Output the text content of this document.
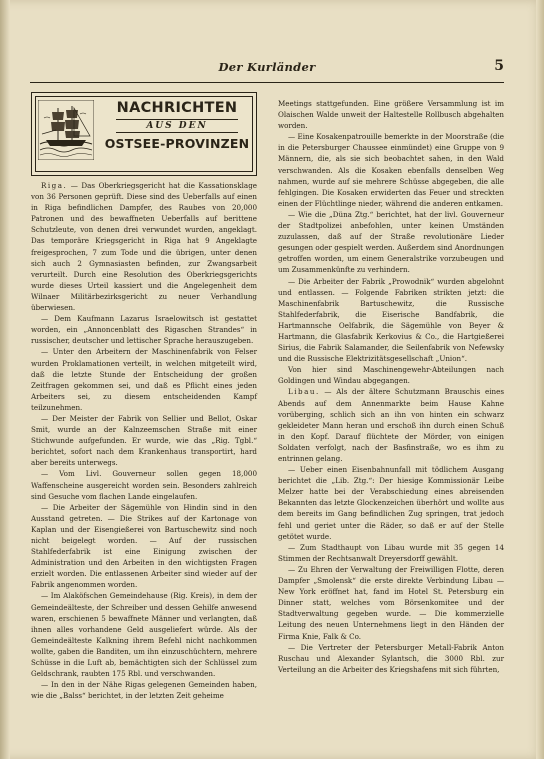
Der Kurländer	5
NACHRICHTEN
AUS DEN
OSTSEE-PROVINZEN

Riga. — Das Oberkriegsgericht hat die Kassationsklage von 36 Personen geprüft. Diese sind des Ueberfalls auf einen in Riga befindlichen Dampfer, des Raubes von 20,000 Patronen und des bewaffneten Ueberfalls auf berittene Schutzleute, von denen drei verwundet wurden, angeklagt. Das temporäre Kriegsgericht in Riga hat 9 Angeklagte freigesprochen, 7 zum Tode und die übrigen, unter denen sich auch 2 Gymnasiasten befinden, zur Zwangsarbeit verurteilt. Durch eine Resolution des Oberkriegsgerichts wurde dieses Urteil kassiert und die Angelegenheit dem Wilnaer Militärbezirksgericht zu neuer Verhandlung überwiesen.

— Dem Kaufmann Lazarus Israelowitsch ist gestattet worden, ein „Annoncenblatt des Rigaschen Strandes“ in russischer, deutscher und lettischer Sprache herauszugeben.

— Unter den Arbeitern der Maschinenfabrik von Felser wurden Proklamationen verteilt, in welchen mitgeteilt wird, daß die letzte Stunde der Entscheidung der großen Zeitfragen gekommen sei, und daß es Pflicht eines jeden Arbeiters sei, zu diesem entscheidenden Kampf teilzunehmen.

— Der Meister der Fabrik von Sellier und Bellot, Oskar Smit, wurde an der Kalnzeemschen Straße mit einer Stichwunde aufgefunden. Er wurde, wie das „Rig. Tgbl.“ berichtet, sofort nach dem Krankenhaus transportirt, hard aber bereits unterwegs.

— Vom Livl. Gouverneur sollen gegen 18,000 Waffenscheine ausgereicht worden sein. Besonders zahlreich sind Gesuche vom flachen Lande eingelaufen.

— Die Arbeiter der Sägemühle von Hindin sind in den Ausstand getreten. — Die Strikes auf der Kartonage von Kaplan und der Eisengießerei von Bartuschewitz sind noch nicht beigelegt worden. — Auf der russischen Stahlfederfabrik ist eine Einigung zwischen der Administration und den Arbeiten in den wichtigsten Fragen erzielt worden. Die entlassenen Arbeiter sind wieder auf der Fabrik angenommen worden.

— Im Alaköfschen Gemeindehause (Rig. Kreis), in dem der Gemeindeälteste, der Schreiber und dessen Gehilfe anwesend waren, erschienen 5 bewaffnete Männer und verlangten, daß ihnen alles vorhandene Geld ausgeliefert würde. Als der Gemeindeälteste Kalkning ihrem Befehl nicht nachkommen wollte, gaben die Banditen, um ihn einzuschüchtern, mehrere Schüsse in die Luft ab, bemächtigten sich der Schlüssel zum Geldschrank, raubten 175 Rbl. und verschwanden.

— In den in der Nähe Rigas gelegenen Gemeinden haben, wie die „Balss“ berichtet, in der letzten Zeit geheime

Meetings stattgefunden. Eine größere Versammlung ist im Olaischen Walde unweit der Haltestelle Rollbusch abgehalten worden.

— Eine Kosakenpatrouille bemerkte in der Moorstraße (die in die Petersburger Chaussee einmündet) eine Gruppe von 9 Männern, die, als sie sich beobachtet sahen, in den Wald verschwanden. Als die Kosaken ebenfalls denselben Weg nahmen, wurde auf sie mehrere Schüsse abgegeben, die alle fehlgingen. Die Kosaken erwiderten das Feuer und streckten einen der Flüchtlinge nieder, während die anderen entkamen.

— Wie die „Düna Ztg.“ berichtet, hat der livl. Gouverneur der Stadtpolizei anbefohlen, unter keinen Umständen zuzulassen, daß auf der Straße revolutionäre Lieder gesungen oder gespielt werden. Außerdem sind Anordnungen getroffen worden, um einem Generalstrike vorzubeugen und um Zusammenkünfte zu verhindern.

— Die Arbeiter der Fabrik „Prowodnik“ wurden abgelohnt und entlassen. — Folgende Fabriken strikten jetzt: die Maschinenfabrik Bartuschewitz, die Russische Stahlfederfabrik, die Eiserische Bandfabrik, die Hartmannsche Oelfabrik, die Sägemühle von Beyer & Hartmann, die Glasfabrik Kerkovius & Co., die Hartgießerei Sirius, die Fabrik Salamander, die Seilenfabrik von Nefewsky und die Russische Elektrizitätsgesellschaft „Union“.

Von hier sind Maschinengewehr-Abteilungen nach Goldingen und Windau abgegangen.

Libau. — Als der ältere Schutzmann Brauschis eines Abends auf dem Annenmarkte beim Hause Kahne vorüberging, schlich sich an ihn von hinten ein schwarz gekleideter Mann heran und erschoß ihn durch einen Schuß in den Kopf. Darauf flüchtete der Mörder, von einigen Soldaten verfolgt, nach der Basfinstraße, wo es ihm zu entrinnen gelang.

— Ueber einen Eisenbahnunfall mit tödlichem Ausgang berichtet die „Lib. Ztg.“: Der hiesige Kommissionär Leibe Melzer hatte bei der Verabschiedung eines abreisenden Bekannten das letzte Glockenzeichen überhört und wollte aus dem bereits im Gang befindlichen Zug springen, trat jedoch fehl und geriet unter die Räder, so daß er auf der Stelle getötet wurde.

— Zum Stadthaupt von Libau wurde mit 35 gegen 14 Stimmen der Rechtsanwalt Dreyersdorff gewählt.

— Zu Ehren der Verwaltung der Freiwilligen Flotte, deren Dampfer „Smolensk“ die erste direkte Verbindung Libau — New York eröffnet hat, fand im Hotel St. Petersburg ein Dinner statt, welches vom Börsenkomitee und der Stadtverwaltung gegeben wurde. — Die kommerzielle Leitung des neuen Unternehmens liegt in den Händen der Firma Knie, Falk & Co.

— Die Vertreter der Petersburger Metall-Fabrik Anton Ruschau und Alexander Sylantsch, die 3000 Rbl. zur Verteilung an die Arbeiter des Kriegshafens mit sich führten,
